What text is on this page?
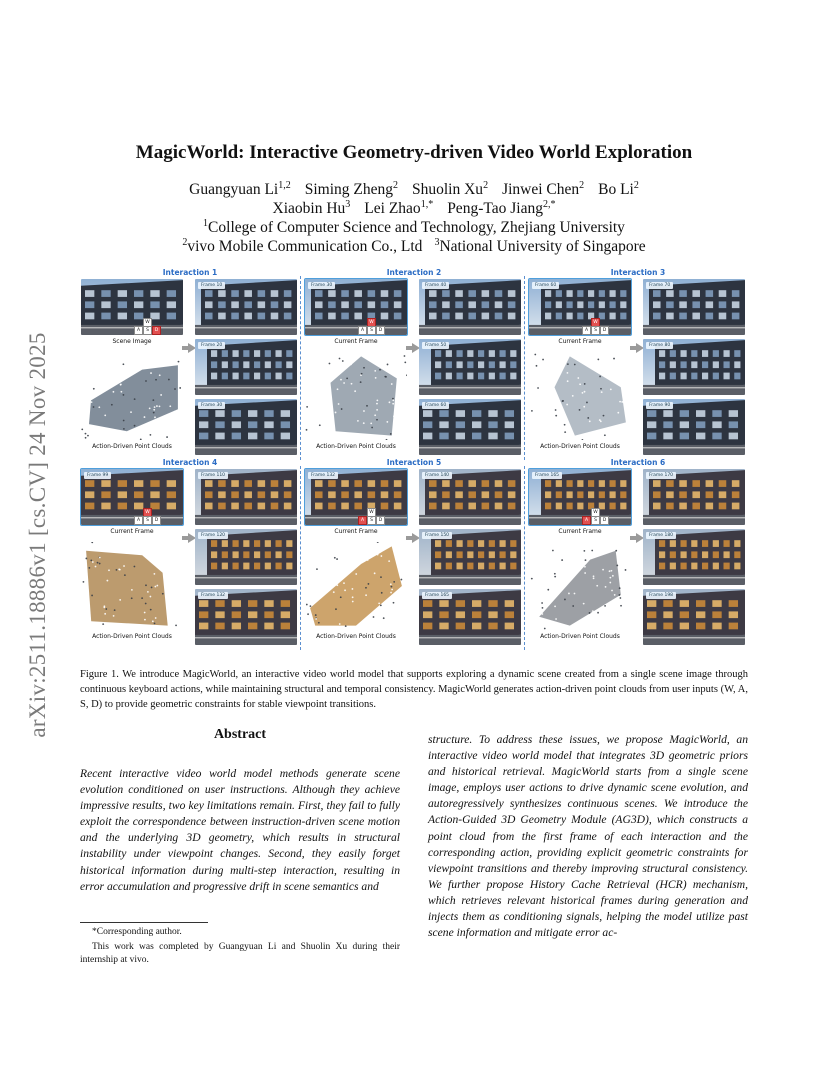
arXiv:2511.18886v1 [cs.CV] 24 Nov 2025
MagicWorld: Interactive Geometry-driven Video World Exploration
Guangyuan Li$^{1,2}$ Siming Zheng$^2$ Shuolin Xu$^2$ Jinwei Chen$^2$ Bo Li$^2$
Xiaobin Hu$^3$ Lei Zhao$^{1,*}$ Peng-Tao Jiang$^{2,*}$
$^1$College of Computer Science and Technology, Zhejiang University
$^2$vivo Mobile Communication Co., Ltd $^3$National University of Singapore
Interaction 1
W
A	S	D
Scene Image
Action-Driven Point Clouds
Frame 10
Frame 20
Frame 30
Interaction 2
Frame 30
W
A	S	D
Current Frame
Action-Driven Point Clouds
Frame 40
Frame 50
Frame 60
Interaction 3
Frame 60
W
A	S	D
Current Frame
Action-Driven Point Clouds
Frame 70
Frame 80
Frame 90
Interaction 4
Frame 99
W
A	S	D
Current Frame
Action-Driven Point Clouds
Frame 110
Frame 120
Frame 132
Interaction 5
Frame 132
W
A	S	D
Current Frame
Action-Driven Point Clouds
Frame 140
Frame 150
Frame 165
Interaction 6
Frame 165
W
A	S	D
Current Frame
Action-Driven Point Clouds
Frame 170
Frame 180
Frame 198
Figure 1. We introduce MagicWorld, an interactive video world model that supports exploring a dynamic scene created from a single scene image through continuous keyboard actions, while maintaining structural and temporal consistency. MagicWorld generates action-driven point clouds from user inputs (W, A, S, D) to provide geometric constraints for stable viewpoint transitions.
Abstract
Recent interactive video world model methods generate scene evolution conditioned on user instructions. Although they achieve impressive results, two key limitations remain. First, they fail to fully exploit the correspondence between instruction-driven scene motion and the underlying 3D geometry, which results in structural instability under viewpoint changes. Second, they easily forget historical information during multi-step interaction, resulting in error accumulation and progressive drift in scene semantics and
structure. To address these issues, we propose MagicWorld, an interactive video world model that integrates 3D geometric priors and historical retrieval. MagicWorld starts from a single scene image, employs user actions to drive dynamic scene evolution, and autoregressively synthesizes continuous scenes. We introduce the Action-Guided 3D Geometry Module (AG3D), which constructs a point cloud from the first frame of each interaction and the corresponding action, providing explicit geometric constraints for viewpoint transitions and thereby improving structural consistency. We further propose History Cache Retrieval (HCR) mechanism, which retrieves relevant historical frames during generation and injects them as conditioning signals, helping the model utilize past scene information and mitigate error ac-
*Corresponding author.
This work was completed by Guangyuan Li and Shuolin Xu during their internship at vivo.
